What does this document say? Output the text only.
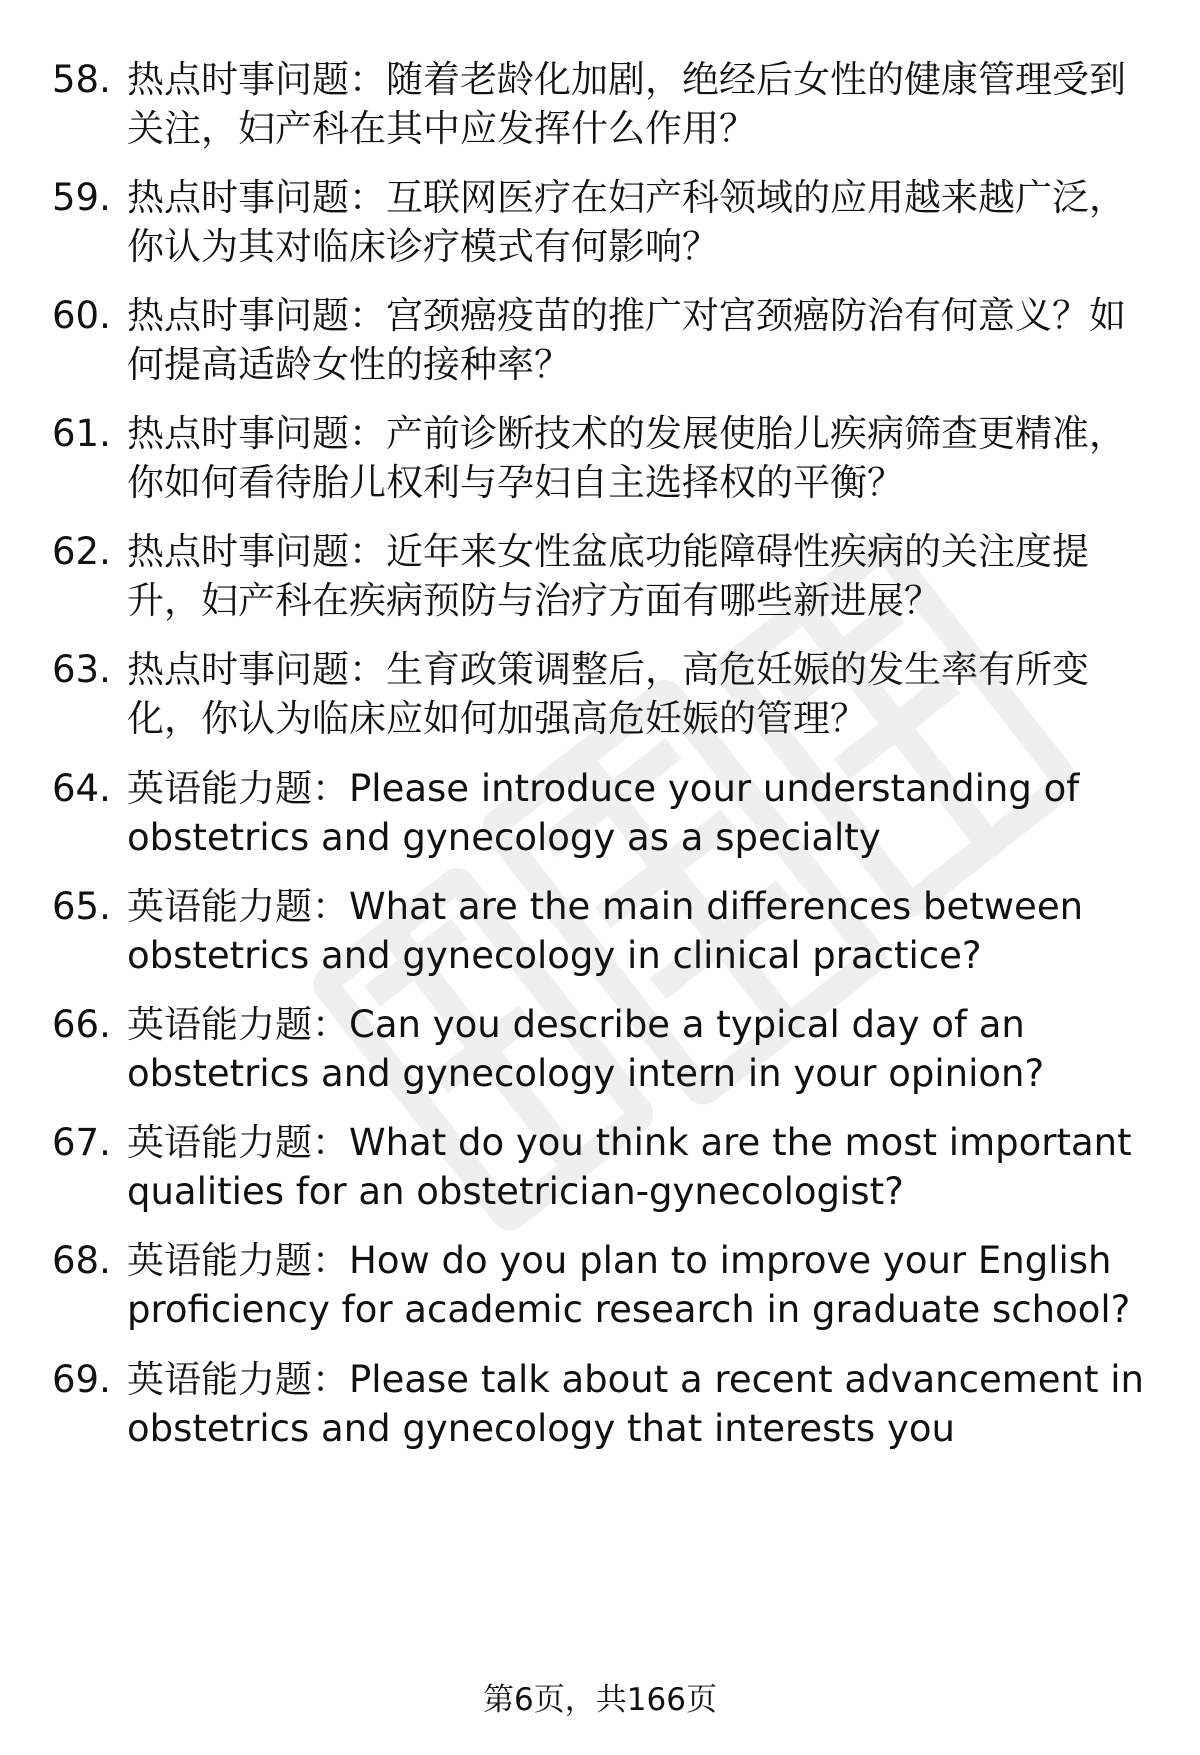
58. 热点时事问题：随着老龄化加剧，绝经后女性的健康管理受到关注，妇产科在其中应发挥什么作用？
59. 热点时事问题：互联网医疗在妇产科领域的应用越来越广泛，你认为其对临床诊疗模式有何影响？
60. 热点时事问题：宫颈癌疫苗的推广对宫颈癌防治有何意义？如何提高适龄女性的接种率？
61. 热点时事问题：产前诊断技术的发展使胎儿疾病筛查更精准，你如何看待胎儿权利与孕妇自主选择权的平衡？
62. 热点时事问题：近年来女性盆底功能障碍性疾病的关注度提升，妇产科在疾病预防与治疗方面有哪些新进展？
63. 热点时事问题：生育政策调整后，高危妊娠的发生率有所变化，你认为临床应如何加强高危妊娠的管理？
64. 英语能力题：Please introduce your understanding of obstetrics and gynecology as a specialty
65. 英语能力题：What are the main differences between obstetrics and gynecology in clinical practice?
66. 英语能力题：Can you describe a typical day of an obstetrics and gynecology intern in your opinion?
67. 英语能力题：What do you think are the most important qualities for an obstetrician-gynecologist?
68. 英语能力题：How do you plan to improve your English proficiency for academic research in graduate school?
69. 英语能力题：Please talk about a recent advancement in obstetrics and gynecology that interests you
第6页，共166页
